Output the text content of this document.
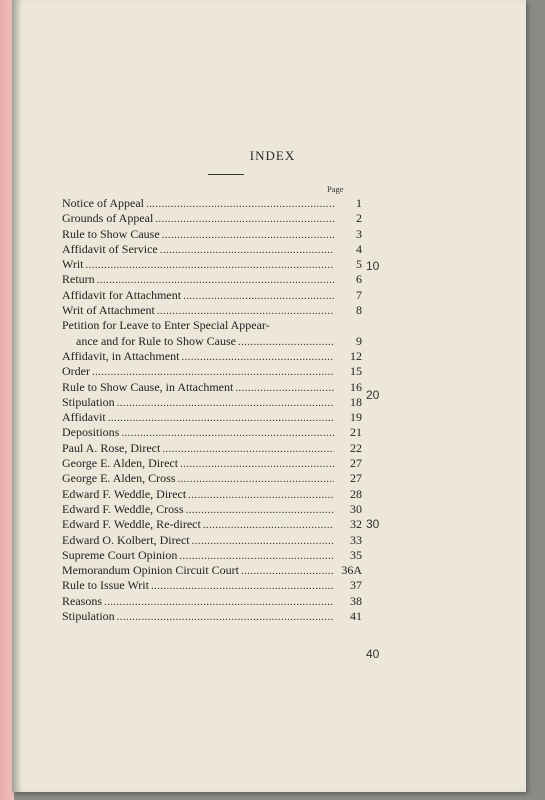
INDEX
Page
Notice of Appeal . . .	1
Grounds of Appeal . . .	2
Rule to Show Cause . . .	3
Affidavit of Service . . .	4
Writ . . .	5
Return . . .	6
Affidavit for Attachment . . .	7
Writ of Attachment . . .	8
Petition for Leave to Enter Special Appear-
ance and for Rule to Show Cause . . .	9
Affidavit, in Attachment . . .	12
Order . . .	15
Rule to Show Cause, in Attachment . . .	16
Stipulation . . .	18
Affidavit . . .	19
Depositions . . .	21
Paul A. Rose, Direct . . .	22
George E. Alden, Direct . . .	27
George E. Alden, Cross . . .	27
Edward F. Weddle, Direct . . .	28
Edward F. Weddle, Cross . . .	30
Edward F. Weddle, Re-direct . . .	32
Edward O. Kolbert, Direct . . .	33
Supreme Court Opinion . . .	35
Memorandum Opinion Circuit Court . . .	36A
Rule to Issue Writ . . .	37
Reasons . . .	38
Stipulation . . .	41
10
20
30
40
